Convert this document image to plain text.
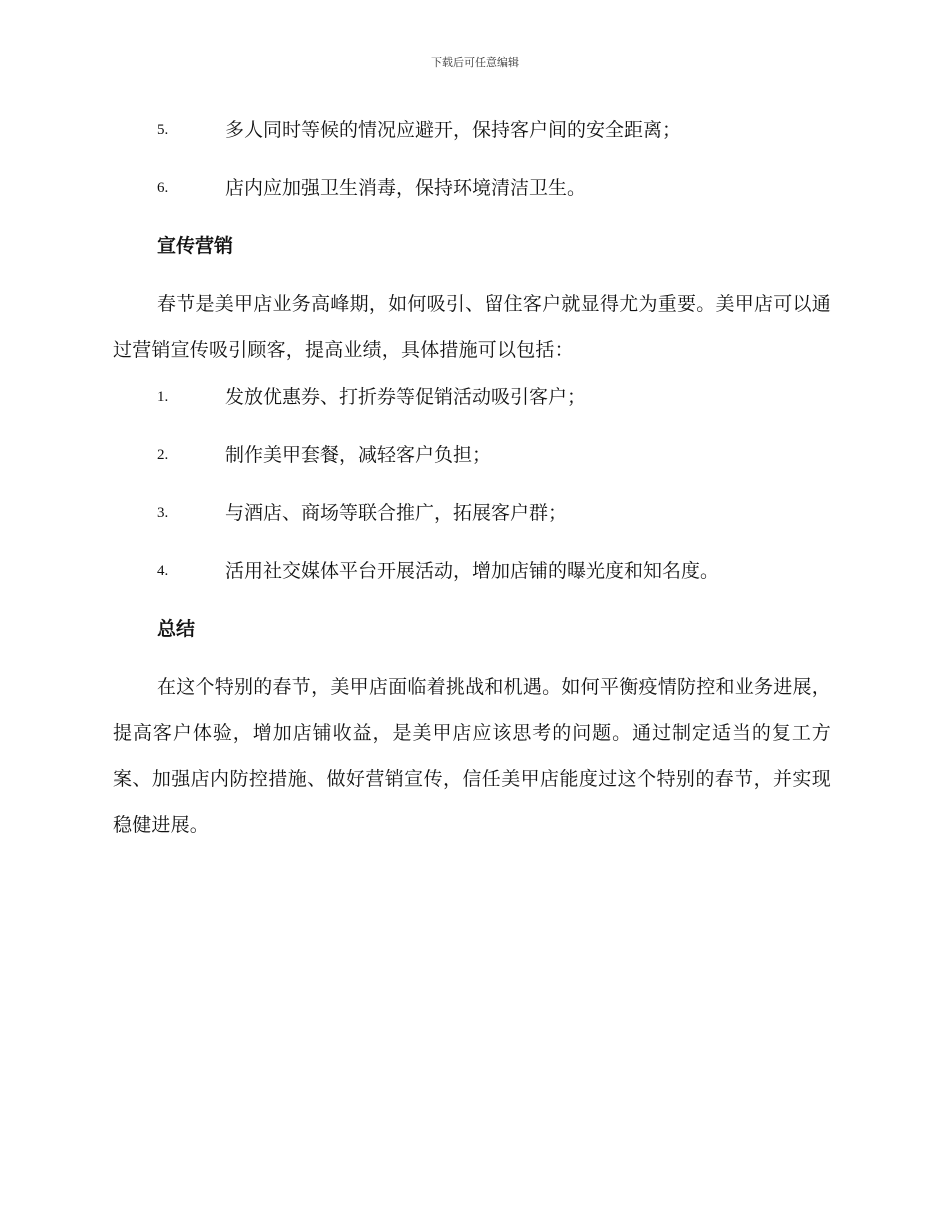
下载后可任意编辑
5.	多人同时等候的情况应避开，保持客户间的安全距离；
6.	店内应加强卫生消毒，保持环境清洁卫生。
宣传营销

春节是美甲店业务高峰期，如何吸引、留住客户就显得尤为重要。美甲店可以通过营销宣传吸引顾客，提高业绩，具体措施可以包括：

1.	发放优惠券、打折券等促销活动吸引客户；
2.	制作美甲套餐，减轻客户负担；
3.	与酒店、商场等联合推广，拓展客户群；
4.	活用社交媒体平台开展活动，增加店铺的曝光度和知名度。
总结

在这个特别的春节，美甲店面临着挑战和机遇。如何平衡疫情防控和业务进展，提高客户体验，增加店铺收益，是美甲店应该思考的问题。通过制定适当的复工方案、加强店内防控措施、做好营销宣传，信任美甲店能度过这个特别的春节，并实现稳健进展。
